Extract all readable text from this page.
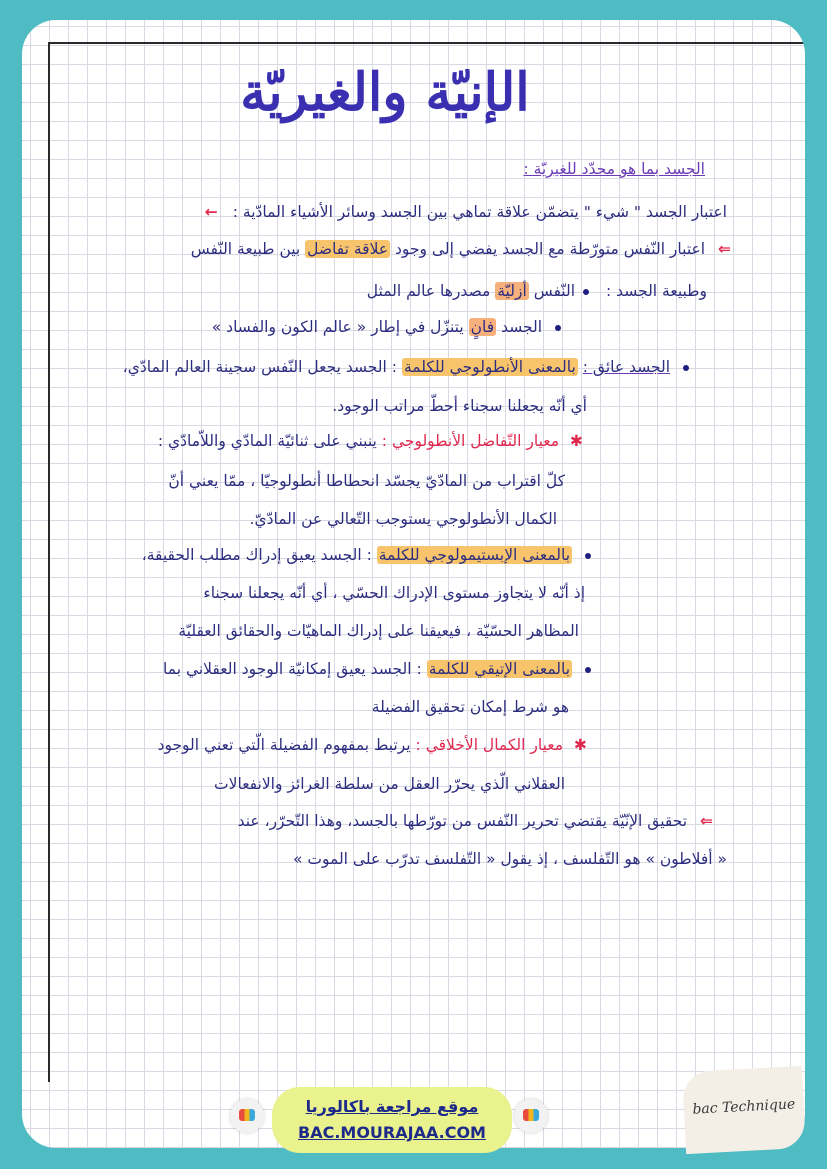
الإنيّة والغيريّة
الجسد بما هو محدّد للغيريّة :
اعتبار الجسد " شيء " يتضمّن علاقة تماهي بين الجسد وسائر الأشياء المادّية : ←
⇐ اعتبار النّفس متورّطة مع الجسد يفضي إلى وجود علاقة تفاضل بين طبيعة النّفس
وطبيعة الجسد : النّفس أزليّة مصدرها عالم المثل
الجسد فانٍ يتنزّل في إطار « عالم الكون والفساد »
الجسد عائق : بالمعنى الأنطولوجي للكلمة : الجسد يجعل النّفس سجينة العالم المادّي،
أي أنّه يجعلنا سجناء أحطّ مراتب الوجود.
✱ معيار التّفاضل الأنطولوجي : ينبني على ثنائيّة المادّي واللاّمادّي :
كلّ اقتراب من المادّيّ يجسّد انحطاطا أنطولوجيّا ، ممّا يعني أنّ
الكمال الأنطولوجي يستوجب التّعالي عن المادّيّ.
بالمعنى الإبستيمولوجي للكلمة : الجسد يعيق إدراك مطلب الحقيقة،
إذ أنّه لا يتجاوز مستوى الإدراك الحسّي ، أي أنّه يجعلنا سجناء
المظاهر الحسّيّة ، فيعيقنا على إدراك الماهيّات والحقائق العقليّة
بالمعنى الإتيقي للكلمة : الجسد يعيق إمكانيّة الوجود العقلاني بما
هو شرط إمكان تحقيق الفضيلة
✱ معيار الكمال الأخلاقي : يرتبط بمفهوم الفضيلة الّتي تعني الوجود
العقلاني الّذي يحرّر العقل من سلطة الغرائز والانفعالات
⇐ تحقيق الإنّيّة يقتضي تحرير النّفس من تورّطها بالجسد، وهذا التّحرّر، عند
« أفلاطون » هو التّفلسف ، إذ يقول « التّفلسف تدرّب على الموت »
موقع مراجعة باكالوريا
BAC.MOURAJAA.COM
bac Technique
